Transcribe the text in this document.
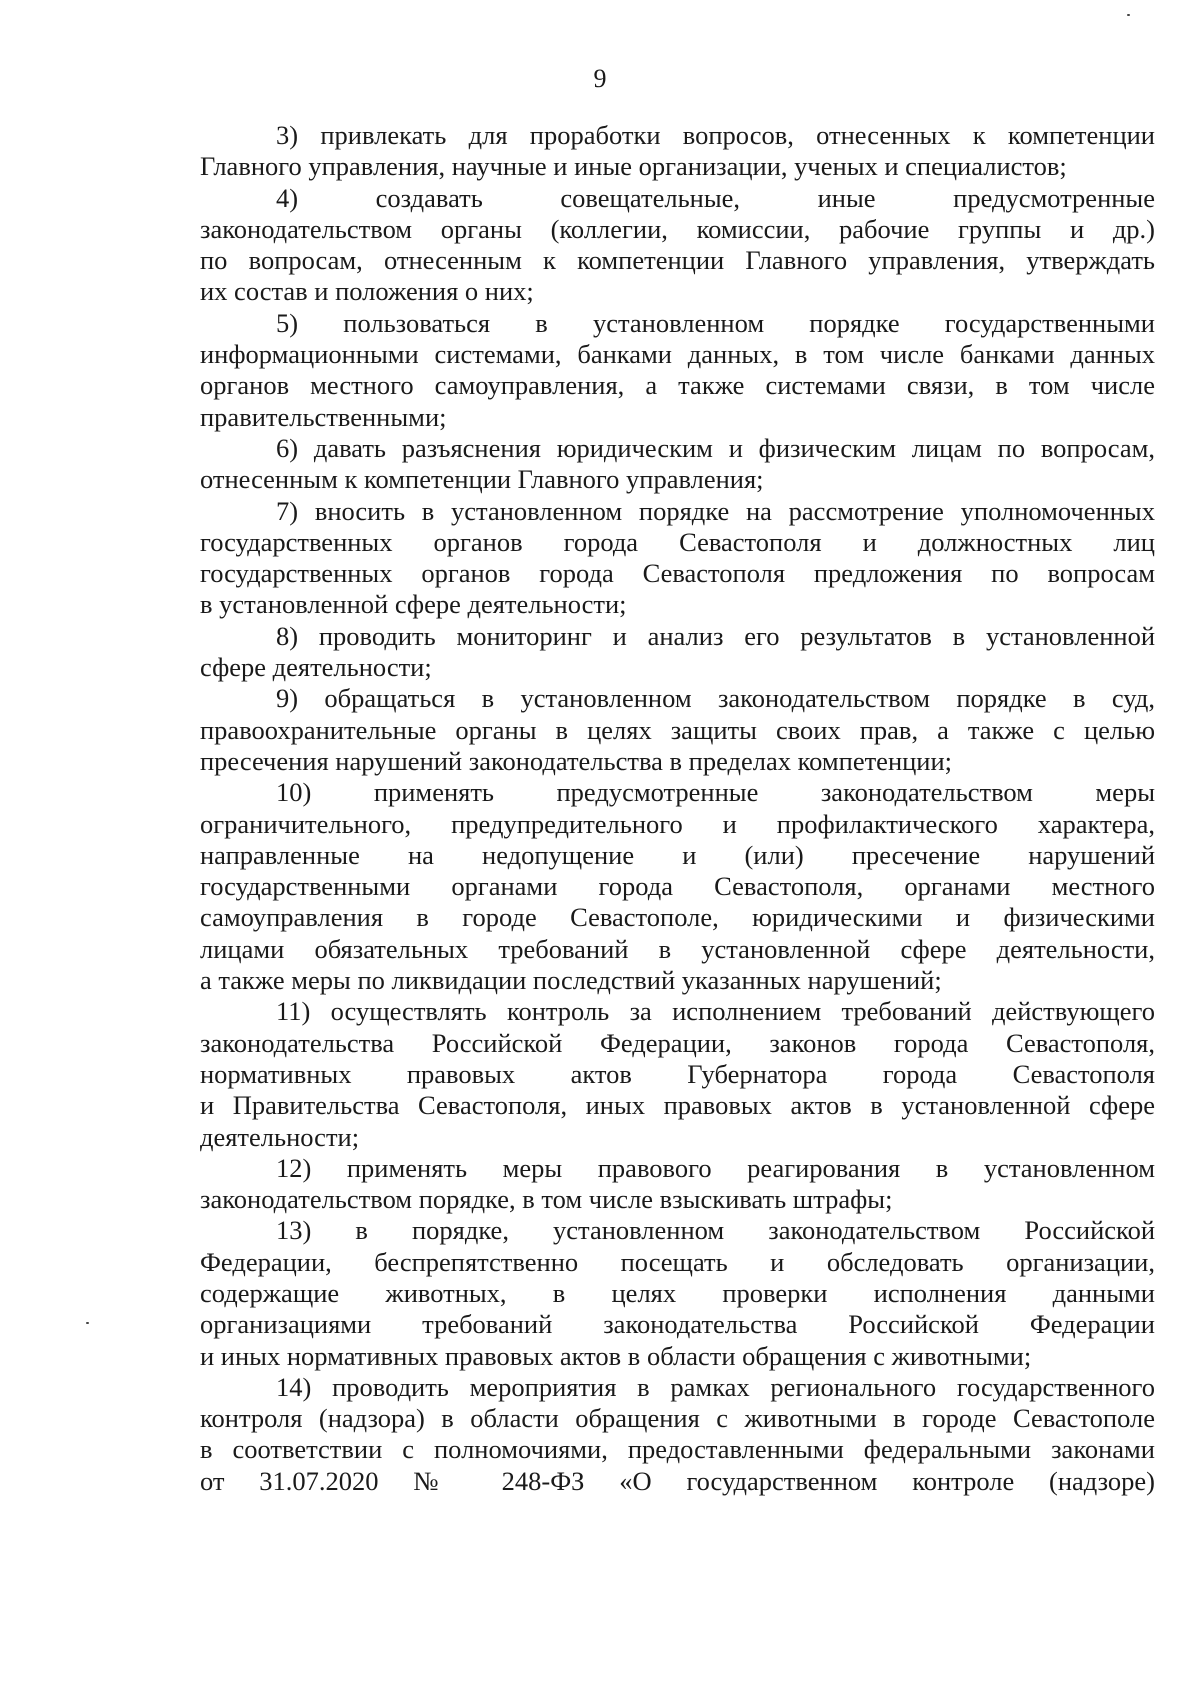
9
3) привлекать для проработки вопросов, отнесенных к компетенции
Главного управления, научные и иные организации, ученых и специалистов;
4) создавать совещательные, иные предусмотренные
законодательством органы (коллегии, комиссии, рабочие группы и др.)
по вопросам, отнесенным к компетенции Главного управления, утверждать
их состав и положения о них;
5) пользоваться в установленном порядке государственными
информационными системами, банками данных, в том числе банками данных
органов местного самоуправления, а также системами связи, в том числе
правительственными;
6) давать разъяснения юридическим и физическим лицам по вопросам,
отнесенным к компетенции Главного управления;
7) вносить в установленном порядке на рассмотрение уполномоченных
государственных органов города Севастополя и должностных лиц
государственных органов города Севастополя предложения по вопросам
в установленной сфере деятельности;
8) проводить мониторинг и анализ его результатов в установленной
сфере деятельности;
9) обращаться в установленном законодательством порядке в суд,
правоохранительные органы в целях защиты своих прав, а также с целью
пресечения нарушений законодательства в пределах компетенции;
10) применять предусмотренные законодательством меры
ограничительного, предупредительного и профилактического характера,
направленные на недопущение и (или) пресечение нарушений
государственными органами города Севастополя, органами местного
самоуправления в городе Севастополе, юридическими и физическими
лицами обязательных требований в установленной сфере деятельности,
а также меры по ликвидации последствий указанных нарушений;
11) осуществлять контроль за исполнением требований действующего
законодательства Российской Федерации, законов города Севастополя,
нормативных правовых актов Губернатора города Севастополя
и Правительства Севастополя, иных правовых актов в установленной сфере
деятельности;
12) применять меры правового реагирования в установленном
законодательством порядке, в том числе взыскивать штрафы;
13) в порядке, установленном законодательством Российской
Федерации, беспрепятственно посещать и обследовать организации,
содержащие животных, в целях проверки исполнения данными
организациями требований законодательства Российской Федерации
и иных нормативных правовых актов в области обращения с животными;
14) проводить мероприятия в рамках регионального государственного
контроля (надзора) в области обращения с животными в городе Севастополе
в соответствии с полномочиями, предоставленными федеральными законами
от 31.07.2020 № 248-ФЗ «О государственном контроле (надзоре)
